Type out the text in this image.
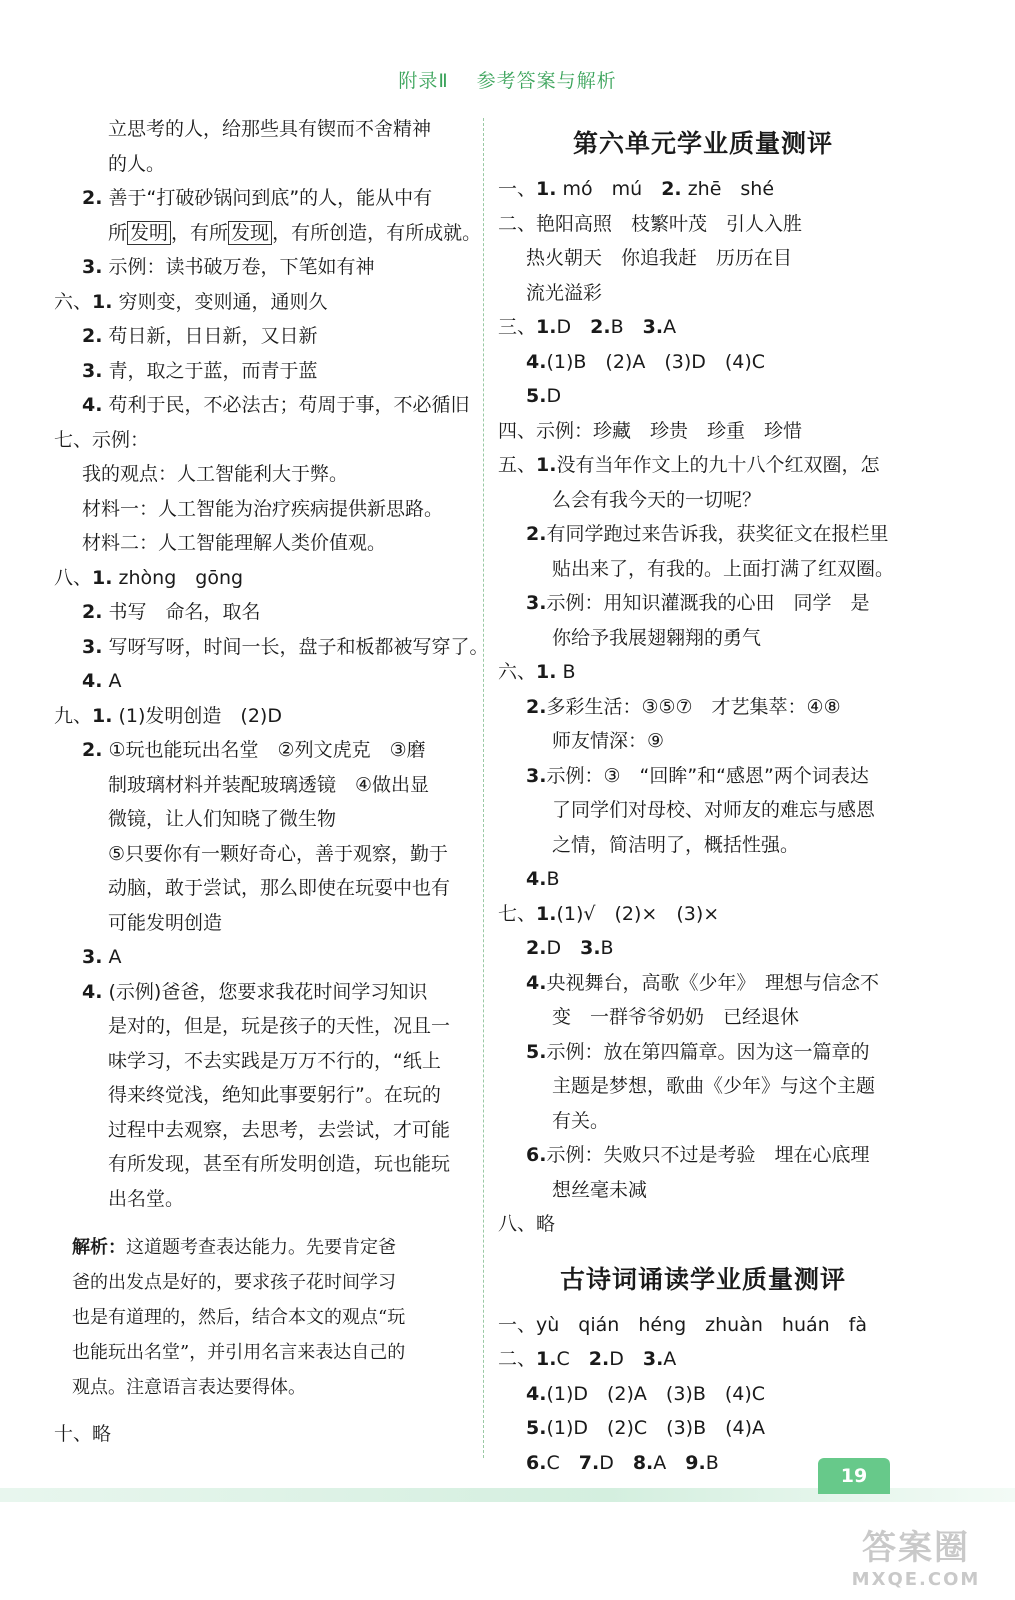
附录Ⅱ 参考答案与解析
立思考的人，给那些具有锲而不舍精神
的人。
2. 善于“打破砂锅问到底”的人，能从中有
所 发明 ，有所 发现 ，有所创造，有所成就。
3. 示例：读书破万卷，下笔如有神
六、1. 穷则变，变则通，通则久
2. 苟日新，日日新，又日新
3. 青，取之于蓝，而青于蓝
4. 苟利于民，不必法古；苟周于事，不必循旧
七、示例：
我的观点：人工智能利大于弊。
材料一：人工智能为治疗疾病提供新思路。
材料二：人工智能理解人类价值观。
八、1. zhòng　gōng
2. 书写　命名，取名
3. 写呀写呀，时间一长，盘子和板都被写穿了。
4. A
九、1. (1)发明创造　(2)D
2. ①玩也能玩出名堂　②列文虎克　③磨
制玻璃材料并装配玻璃透镜　④做出显
微镜，让人们知晓了微生物
⑤只要你有一颗好奇心，善于观察，勤于
动脑，敢于尝试，那么即使在玩耍中也有
可能发明创造
3. A
4. (示例)爸爸，您要求我花时间学习知识
是对的，但是，玩是孩子的天性，况且一
味学习，不去实践是万万不行的，“纸上
得来终觉浅，绝知此事要躬行”。在玩的
过程中去观察，去思考，去尝试，才可能
有所发现，甚至有所发明创造，玩也能玩
出名堂。
解析：这道题考查表达能力。先要肯定爸
爸的出发点是好的，要求孩子花时间学习
也是有道理的，然后，结合本文的观点“玩
也能玩出名堂”，并引用名言来表达自己的
观点。注意语言表达要得体。
十、略
第六单元学业质量测评
一、1. mó　mú　2. zhē　shé
二、艳阳高照　枝繁叶茂　引人入胜
热火朝天　你追我赶　历历在目
流光溢彩
三、1.D　2.B　3.A
4.(1)B　(2)A　(3)D　(4)C
5.D
四、示例：珍藏　珍贵　珍重　珍惜
五、1.没有当年作文上的九十八个红双圈，怎
么会有我今天的一切呢？
2.有同学跑过来告诉我，获奖征文在报栏里
贴出来了，有我的。上面打满了红双圈。
3.示例：用知识灌溉我的心田　同学　是
你给予我展翅翱翔的勇气
六、1. B
2.多彩生活：③⑤⑦　才艺集萃：④⑧
师友情深：⑨
3.示例：③　“回眸”和“感恩”两个词表达
了同学们对母校、对师友的难忘与感恩
之情，简洁明了，概括性强。
4.B
七、1.(1)√　(2)×　(3)×
2.D　3.B
4.央视舞台，高歌《少年》　理想与信念不
变　一群爷爷奶奶　已经退休
5.示例：放在第四篇章。因为这一篇章的
主题是梦想，歌曲《少年》与这个主题
有关。
6.示例：失败只不过是考验　埋在心底理
想丝毫未减
八、略
古诗词诵读学业质量测评
一、yù　qián　héng　zhuàn　huán　fà
二、1.C　2.D　3.A
4.(1)D　(2)A　(3)B　(4)C
5.(1)D　(2)C　(3)B　(4)A
6.C　7.D　8.A　9.B
19
答案圈
MXQE.COM
